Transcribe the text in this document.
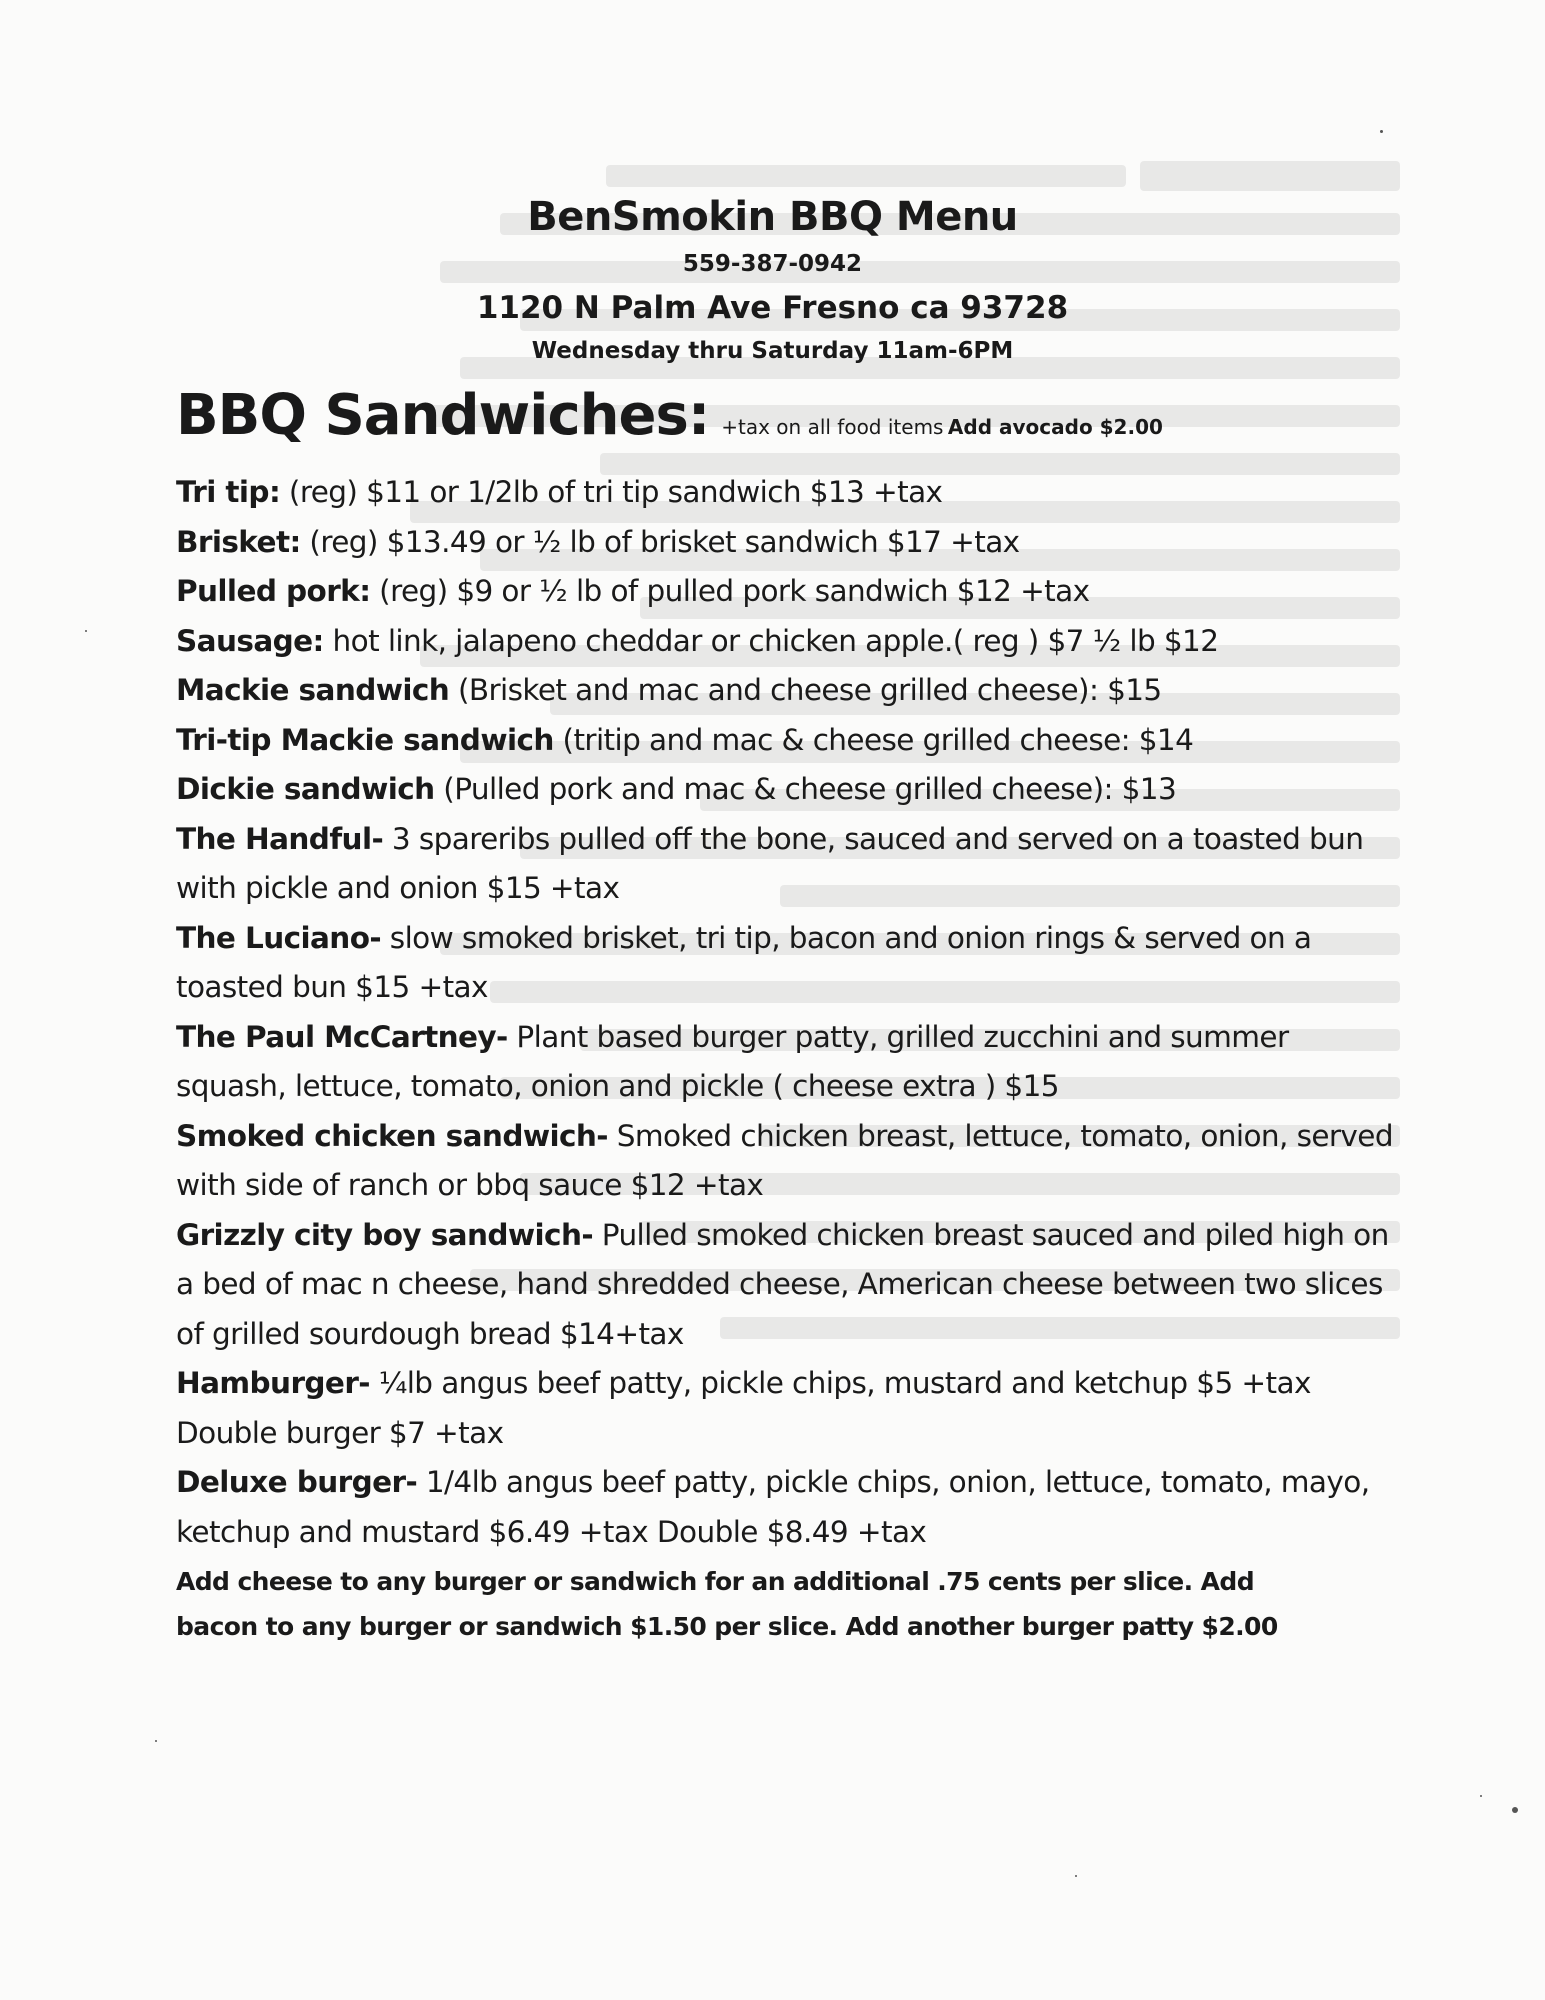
BenSmokin BBQ Menu
559-387-0942
1120 N Palm Ave Fresno ca 93728
Wednesday thru Saturday 11am-6PM
BBQ Sandwiches: +tax on all food items Add avocado $2.00
Tri tip: (reg) $11 or 1/2lb of tri tip sandwich $13 +tax
Brisket: (reg) $13.49 or ½ lb of brisket sandwich $17 +tax
Pulled pork: (reg) $9 or ½ lb of pulled pork sandwich $12 +tax
Sausage: hot link, jalapeno cheddar or chicken apple.( reg ) $7 ½ lb $12
Mackie sandwich (Brisket and mac and cheese grilled cheese): $15
Tri-tip Mackie sandwich (tritip and mac & cheese grilled cheese: $14
Dickie sandwich (Pulled pork and mac & cheese grilled cheese): $13
The Handful- 3 spareribs pulled off the bone, sauced and served on a toasted bun with pickle and onion $15 +tax
The Luciano- slow smoked brisket, tri tip, bacon and onion rings & served on a toasted bun $15 +tax
The Paul McCartney- Plant based burger patty, grilled zucchini and summer squash, lettuce, tomato, onion and pickle ( cheese extra ) $15
Smoked chicken sandwich- Smoked chicken breast, lettuce, tomato, onion, served with side of ranch or bbq sauce $12 +tax
Grizzly city boy sandwich- Pulled smoked chicken breast sauced and piled high on a bed of mac n cheese, hand shredded cheese, American cheese between two slices of grilled sourdough bread $14+tax
Hamburger- ¼lb angus beef patty, pickle chips, mustard and ketchup $5 +tax Double burger $7 +tax
Deluxe burger- 1/4lb angus beef patty, pickle chips, onion, lettuce, tomato, mayo, ketchup and mustard $6.49 +tax Double $8.49 +tax
Add cheese to any burger or sandwich for an additional .75 cents per slice. Add
bacon to any burger or sandwich $1.50 per slice. Add another burger patty $2.00
